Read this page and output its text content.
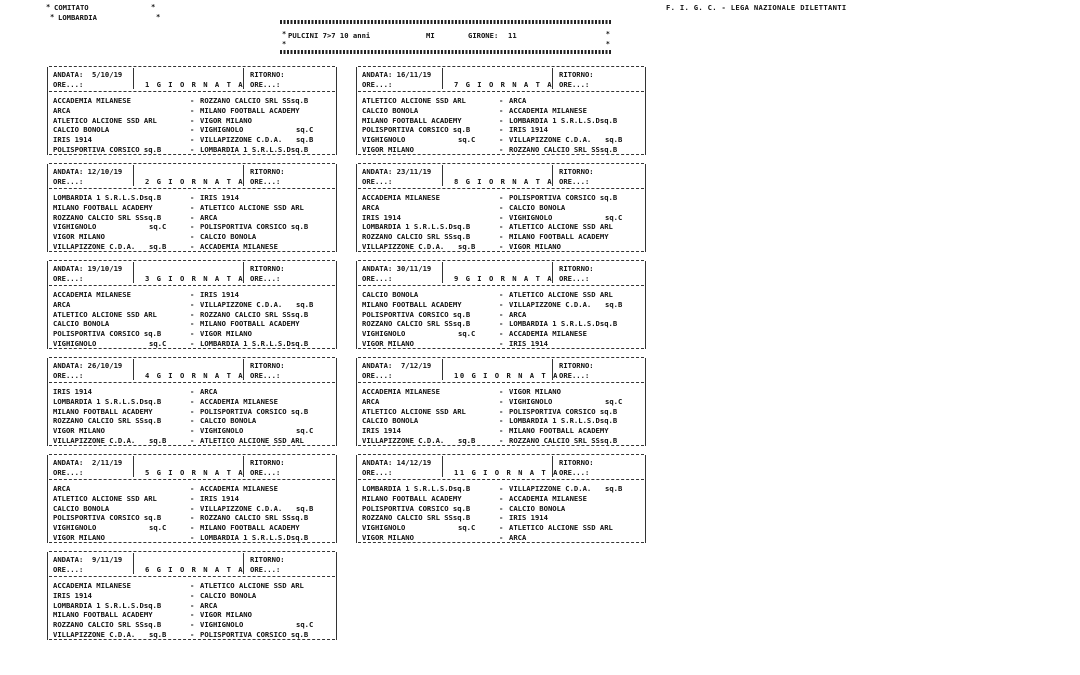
* COMITATO	*
* LOMBARDIA	*
F. I. G. C. - LEGA NAZIONALE DILETTANTI
*
*
*
*
PULCINI 7>7 10 anni	MI	GIRONE: 11
ANDATA:  5/10/19
ORE...:	1 G I O R N A T A
RITORNO:
ORE...:
ACCADEMIA MILANESE	- ROZZANO CALCIO SRL SSsq.B
ARCA	- MILANO FOOTBALL ACADEMY
ATLETICO ALCIONE SSD ARL	- VIGOR MILANO
CALCIO BONOLA	- VIGHIGNOLO	sq.C
IRIS 1914	- VILLAPIZZONE C.D.A. sq.B
POLISPORTIVA CORSICO sq.B	- LOMBARDIA 1 S.R.L.S.Dsq.B
ANDATA: 12/10/19
ORE...:	2 G I O R N A T A
RITORNO:
ORE...:
LOMBARDIA 1 S.R.L.S.Dsq.B	- IRIS 1914
MILANO FOOTBALL ACADEMY	- ATLETICO ALCIONE SSD ARL
ROZZANO CALCIO SRL SSsq.B	- ARCA
VIGHIGNOLO	sq.C	- POLISPORTIVA CORSICO sq.B
VIGOR MILANO	- CALCIO BONOLA
VILLAPIZZONE C.D.A. sq.B	- ACCADEMIA MILANESE
ANDATA: 19/10/19
ORE...:	3 G I O R N A T A
RITORNO:
ORE...:
ACCADEMIA MILANESE	- IRIS 1914
ARCA	- VILLAPIZZONE C.D.A. sq.B
ATLETICO ALCIONE SSD ARL	- ROZZANO CALCIO SRL SSsq.B
CALCIO BONOLA	- MILANO FOOTBALL ACADEMY
POLISPORTIVA CORSICO sq.B	- VIGOR MILANO
VIGHIGNOLO	sq.C	- LOMBARDIA 1 S.R.L.S.Dsq.B
ANDATA: 26/10/19
ORE...:	4 G I O R N A T A
RITORNO:
ORE...:
IRIS 1914	- ARCA
LOMBARDIA 1 S.R.L.S.Dsq.B	- ACCADEMIA MILANESE
MILANO FOOTBALL ACADEMY	- POLISPORTIVA CORSICO sq.B
ROZZANO CALCIO SRL SSsq.B	- CALCIO BONOLA
VIGOR MILANO	- VIGHIGNOLO	sq.C
VILLAPIZZONE C.D.A. sq.B	- ATLETICO ALCIONE SSD ARL
ANDATA:  2/11/19
ORE...:	5 G I O R N A T A
RITORNO:
ORE...:
ARCA	- ACCADEMIA MILANESE
ATLETICO ALCIONE SSD ARL	- IRIS 1914
CALCIO BONOLA	- VILLAPIZZONE C.D.A. sq.B
POLISPORTIVA CORSICO sq.B	- ROZZANO CALCIO SRL SSsq.B
VIGHIGNOLO	sq.C	- MILANO FOOTBALL ACADEMY
VIGOR MILANO	- LOMBARDIA 1 S.R.L.S.Dsq.B
ANDATA:  9/11/19
ORE...:	6 G I O R N A T A
RITORNO:
ORE...:
ACCADEMIA MILANESE	- ATLETICO ALCIONE SSD ARL
IRIS 1914	- CALCIO BONOLA
LOMBARDIA 1 S.R.L.S.Dsq.B	- ARCA
MILANO FOOTBALL ACADEMY	- VIGOR MILANO
ROZZANO CALCIO SRL SSsq.B	- VIGHIGNOLO	sq.C
VILLAPIZZONE C.D.A. sq.B	- POLISPORTIVA CORSICO sq.B
ANDATA: 16/11/19
ORE...:	7 G I O R N A T A
RITORNO:
ORE...:
ATLETICO ALCIONE SSD ARL	- ARCA
CALCIO BONOLA	- ACCADEMIA MILANESE
MILANO FOOTBALL ACADEMY	- LOMBARDIA 1 S.R.L.S.Dsq.B
POLISPORTIVA CORSICO sq.B	- IRIS 1914
VIGHIGNOLO	sq.C	- VILLAPIZZONE C.D.A. sq.B
VIGOR MILANO	- ROZZANO CALCIO SRL SSsq.B
ANDATA: 23/11/19
ORE...:	8 G I O R N A T A
RITORNO:
ORE...:
ACCADEMIA MILANESE	- POLISPORTIVA CORSICO sq.B
ARCA	- CALCIO BONOLA
IRIS 1914	- VIGHIGNOLO	sq.C
LOMBARDIA 1 S.R.L.S.Dsq.B	- ATLETICO ALCIONE SSD ARL
ROZZANO CALCIO SRL SSsq.B	- MILANO FOOTBALL ACADEMY
VILLAPIZZONE C.D.A. sq.B	- VIGOR MILANO
ANDATA: 30/11/19
ORE...:	9 G I O R N A T A
RITORNO:
ORE...:
CALCIO BONOLA	- ATLETICO ALCIONE SSD ARL
MILANO FOOTBALL ACADEMY	- VILLAPIZZONE C.D.A. sq.B
POLISPORTIVA CORSICO sq.B	- ARCA
ROZZANO CALCIO SRL SSsq.B	- LOMBARDIA 1 S.R.L.S.Dsq.B
VIGHIGNOLO	sq.C	- ACCADEMIA MILANESE
VIGOR MILANO	- IRIS 1914
ANDATA:  7/12/19
ORE...:	10 G I O R N A T A
RITORNO:
ORE...:
ACCADEMIA MILANESE	- VIGOR MILANO
ARCA	- VIGHIGNOLO	sq.C
ATLETICO ALCIONE SSD ARL	- POLISPORTIVA CORSICO sq.B
CALCIO BONOLA	- LOMBARDIA 1 S.R.L.S.Dsq.B
IRIS 1914	- MILANO FOOTBALL ACADEMY
VILLAPIZZONE C.D.A. sq.B	- ROZZANO CALCIO SRL SSsq.B
ANDATA: 14/12/19
ORE...:	11 G I O R N A T A
RITORNO:
ORE...:
LOMBARDIA 1 S.R.L.S.Dsq.B	- VILLAPIZZONE C.D.A. sq.B
MILANO FOOTBALL ACADEMY	- ACCADEMIA MILANESE
POLISPORTIVA CORSICO sq.B	- CALCIO BONOLA
ROZZANO CALCIO SRL SSsq.B	- IRIS 1914
VIGHIGNOLO	sq.C	- ATLETICO ALCIONE SSD ARL
VIGOR MILANO	- ARCA
